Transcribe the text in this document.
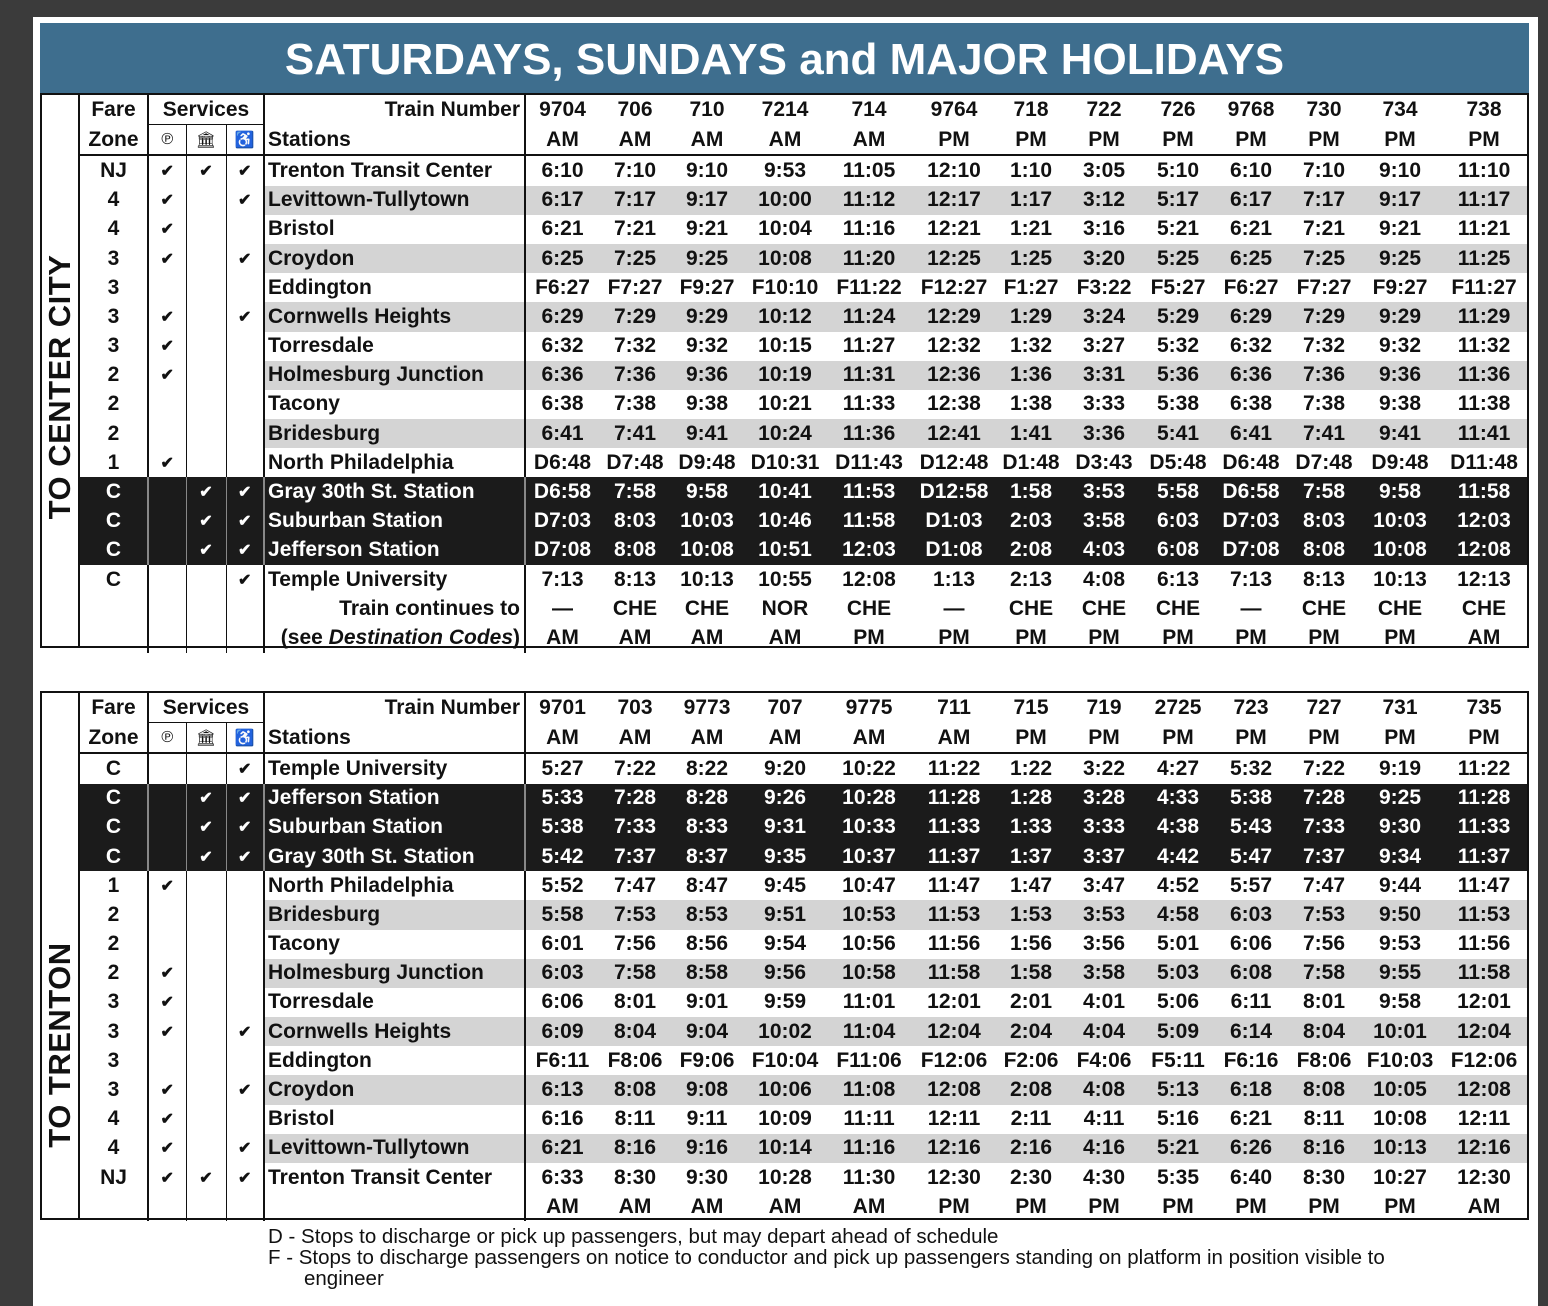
SATURDAYS, SUNDAYS and MAJOR HOLIDAYS
TO CENTER CITY
Fare	Services			Train Number	9704	706	710	7214	714	9764	718	722	726	9768	730	734	738
Zone	℗	🏛	♿	Stations	AM	AM	AM	AM	AM	PM	PM	PM	PM	PM	PM	PM	PM
NJ	✔	✔	✔	Trenton Transit Center	6:10	7:10	9:10	9:53	11:05	12:10	1:10	3:05	5:10	6:10	7:10	9:10	11:10
4	✔		✔	Levittown-Tullytown	6:17	7:17	9:17	10:00	11:12	12:17	1:17	3:12	5:17	6:17	7:17	9:17	11:17
4	✔			Bristol	6:21	7:21	9:21	10:04	11:16	12:21	1:21	3:16	5:21	6:21	7:21	9:21	11:21
3	✔		✔	Croydon	6:25	7:25	9:25	10:08	11:20	12:25	1:25	3:20	5:25	6:25	7:25	9:25	11:25
3				Eddington	F6:27	F7:27	F9:27	F10:10	F11:22	F12:27	F1:27	F3:22	F5:27	F6:27	F7:27	F9:27	F11:27
3	✔		✔	Cornwells Heights	6:29	7:29	9:29	10:12	11:24	12:29	1:29	3:24	5:29	6:29	7:29	9:29	11:29
3	✔			Torresdale	6:32	7:32	9:32	10:15	11:27	12:32	1:32	3:27	5:32	6:32	7:32	9:32	11:32
2	✔			Holmesburg Junction	6:36	7:36	9:36	10:19	11:31	12:36	1:36	3:31	5:36	6:36	7:36	9:36	11:36
2				Tacony	6:38	7:38	9:38	10:21	11:33	12:38	1:38	3:33	5:38	6:38	7:38	9:38	11:38
2				Bridesburg	6:41	7:41	9:41	10:24	11:36	12:41	1:41	3:36	5:41	6:41	7:41	9:41	11:41
1	✔			North Philadelphia	D6:48	D7:48	D9:48	D10:31	D11:43	D12:48	D1:48	D3:43	D5:48	D6:48	D7:48	D9:48	D11:48
C		✔	✔	Gray 30th St. Station	D6:58	7:58	9:58	10:41	11:53	D12:58	1:58	3:53	5:58	D6:58	7:58	9:58	11:58
C		✔	✔	Suburban Station	D7:03	8:03	10:03	10:46	11:58	D1:03	2:03	3:58	6:03	D7:03	8:03	10:03	12:03
C		✔	✔	Jefferson Station	D7:08	8:08	10:08	10:51	12:03	D1:08	2:08	4:03	6:08	D7:08	8:08	10:08	12:08
C			✔	Temple University	7:13	8:13	10:13	10:55	12:08	1:13	2:13	4:08	6:13	7:13	8:13	10:13	12:13
				Train continues to	—	CHE	CHE	NOR	CHE	—	CHE	CHE	CHE	—	CHE	CHE	CHE
				(see Destination Codes)	AM	AM	AM	AM	PM	PM	PM	PM	PM	PM	PM	PM	AM
TO TRENTON
Fare	Services			Train Number	9701	703	9773	707	9775	711	715	719	2725	723	727	731	735
Zone	℗	🏛	♿	Stations	AM	AM	AM	AM	AM	AM	PM	PM	PM	PM	PM	PM	PM
C			✔	Temple University	5:27	7:22	8:22	9:20	10:22	11:22	1:22	3:22	4:27	5:32	7:22	9:19	11:22
C		✔	✔	Jefferson Station	5:33	7:28	8:28	9:26	10:28	11:28	1:28	3:28	4:33	5:38	7:28	9:25	11:28
C		✔	✔	Suburban Station	5:38	7:33	8:33	9:31	10:33	11:33	1:33	3:33	4:38	5:43	7:33	9:30	11:33
C		✔	✔	Gray 30th St. Station	5:42	7:37	8:37	9:35	10:37	11:37	1:37	3:37	4:42	5:47	7:37	9:34	11:37
1	✔			North Philadelphia	5:52	7:47	8:47	9:45	10:47	11:47	1:47	3:47	4:52	5:57	7:47	9:44	11:47
2				Bridesburg	5:58	7:53	8:53	9:51	10:53	11:53	1:53	3:53	4:58	6:03	7:53	9:50	11:53
2				Tacony	6:01	7:56	8:56	9:54	10:56	11:56	1:56	3:56	5:01	6:06	7:56	9:53	11:56
2	✔			Holmesburg Junction	6:03	7:58	8:58	9:56	10:58	11:58	1:58	3:58	5:03	6:08	7:58	9:55	11:58
3	✔			Torresdale	6:06	8:01	9:01	9:59	11:01	12:01	2:01	4:01	5:06	6:11	8:01	9:58	12:01
3	✔		✔	Cornwells Heights	6:09	8:04	9:04	10:02	11:04	12:04	2:04	4:04	5:09	6:14	8:04	10:01	12:04
3				Eddington	F6:11	F8:06	F9:06	F10:04	F11:06	F12:06	F2:06	F4:06	F5:11	F6:16	F8:06	F10:03	F12:06
3	✔		✔	Croydon	6:13	8:08	9:08	10:06	11:08	12:08	2:08	4:08	5:13	6:18	8:08	10:05	12:08
4	✔			Bristol	6:16	8:11	9:11	10:09	11:11	12:11	2:11	4:11	5:16	6:21	8:11	10:08	12:11
4	✔		✔	Levittown-Tullytown	6:21	8:16	9:16	10:14	11:16	12:16	2:16	4:16	5:21	6:26	8:16	10:13	12:16
NJ	✔	✔	✔	Trenton Transit Center	6:33	8:30	9:30	10:28	11:30	12:30	2:30	4:30	5:35	6:40	8:30	10:27	12:30
					AM	AM	AM	AM	AM	PM	PM	PM	PM	PM	PM	PM	AM
D - Stops to discharge or pick up passengers, but may depart ahead of schedule
F - Stops to discharge passengers on notice to conductor and pick up passengers standing on platform in position visible to
engineer
